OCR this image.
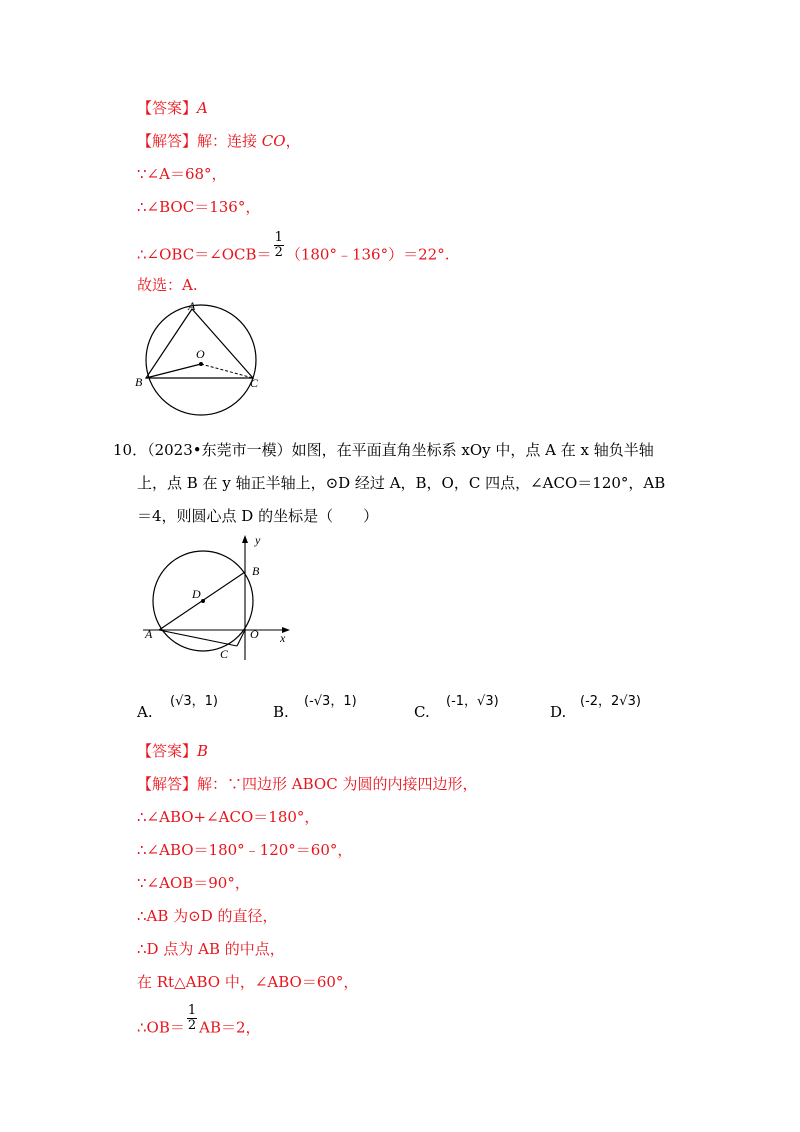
【答案】A
【解答】解：连接 CO，
∵∠A＝68°，
∴∠BOC＝136°，
∴∠OBC＝∠OCB＝ $\frac{1}{2}$ （180°﹣136°）＝22°.
故选：A.
A
B	C
O
10．（2023•东莞市一模）如图，在平面直角坐标系 xOy 中，点 A 在 x 轴负半轴
上，点 B 在 y 轴正半轴上，⊙D 经过 A，B，O，C 四点，∠ACO＝120°，AB
＝4，则圆心点 D 的坐标是（　　）
y
x
B
D
A	O
C
A.
(√3，1)
B.
(-√3，1)
C.
(-1，√3)
D.
(-2，2√3)
【答案】B
【解答】解：∵四边形 ABOC 为圆的内接四边形，
∴∠ABO+∠ACO＝180°，
∴∠ABO＝180°﹣120°＝60°，
∵∠AOB＝90°，
∴AB 为⊙D 的直径，
∴D 点为 AB 的中点，
在 Rt△ABO 中，∠ABO＝60°，
∴OB＝ $\frac{1}{2} AB=2$，
